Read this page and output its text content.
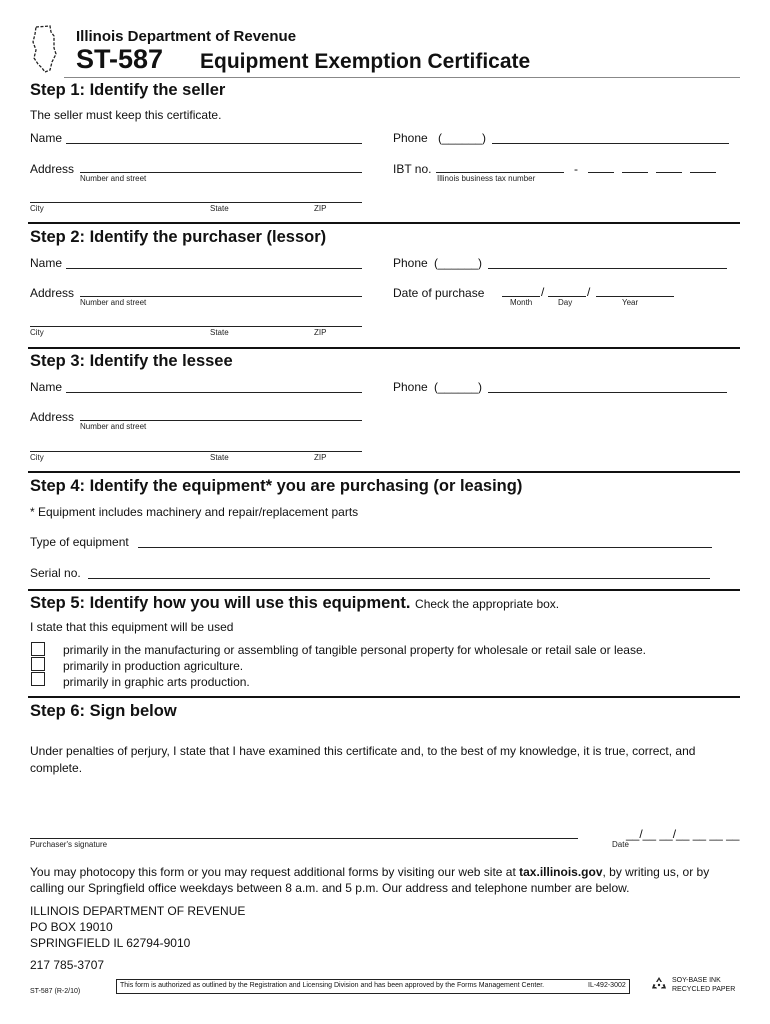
Illinois Department of Revenue
ST-587 Equipment Exemption Certificate
Step 1: Identify the seller
The seller must keep this certificate.
Name	Phone (______)
Address
Number and street
IBT no.
Illinois business tax number
-
City	State	ZIP
Step 2: Identify the purchaser (lessor)
Name	Phone (______)
Address
Number and street
Date of purchase	/	/
Month	Day	Year
City	State	ZIP
Step 3: Identify the lessee
Name	Phone (______)
Address
Number and street
City	State	ZIP
Step 4: Identify the equipment* you are purchasing (or leasing)
* Equipment includes machinery and repair/replacement parts
Type of equipment
Serial no.
Step 5: Identify how you will use this equipment. Check the appropriate box.
I state that this equipment will be used
primarily in the manufacturing or assembling of tangible personal property for wholesale or retail sale or lease.
primarily in production agriculture.
primarily in graphic arts production.
Step 6: Sign below
Under penalties of perjury, I state that I have examined this certificate and, to the best of my knowledge, it is true, correct, and
complete.
Purchaser's signature
__/__ __/__ __ __ __
Date
You may photocopy this form or you may request additional forms by visiting our web site at tax.illinois.gov, by writing us, or by
calling our Springfield office weekdays between 8 a.m. and 5 p.m. Our address and telephone number are below.
ILLINOIS DEPARTMENT OF REVENUE
PO BOX 19010
SPRINGFIELD IL 62794-9010
217 785-3707
ST-587 (R-2/10)
This form is authorized as outlined by the Registration and Licensing Division and has been approved by the Forms Management Center.	IL-492-3002
SOY-BASE INK
RECYCLED PAPER
